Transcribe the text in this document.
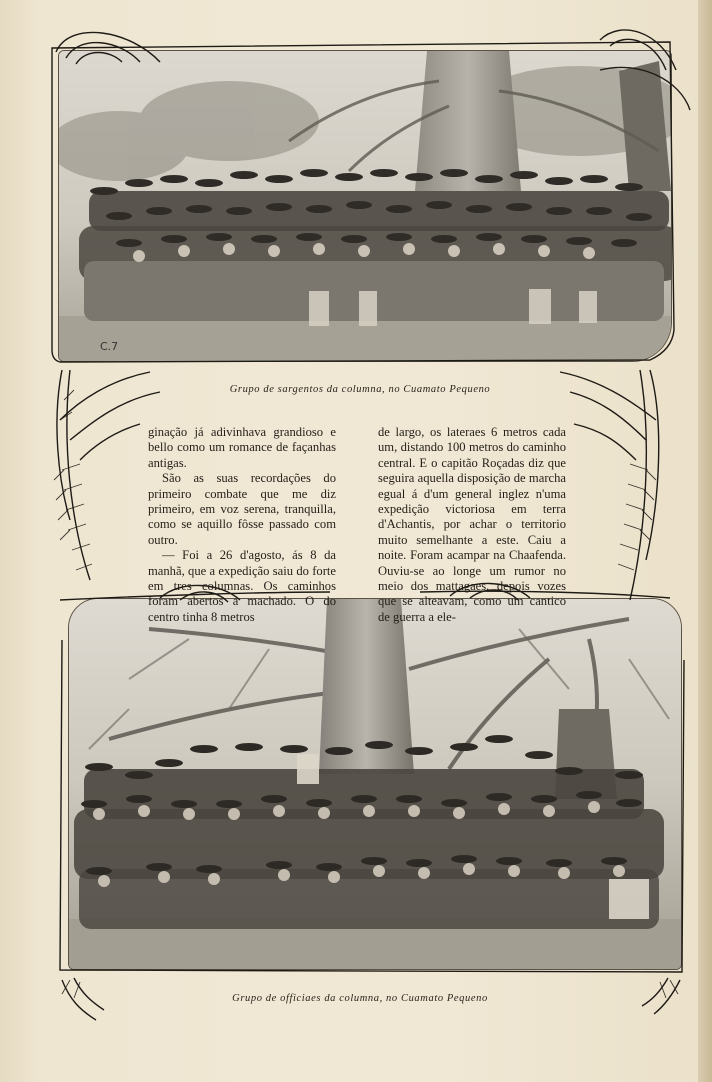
C.7
Grupo de sargentos da columna, no Cuamato Pequeno
Grupo de officiaes da columna, no Cuamato Pequeno

ginação já adivinhava grandioso e bello como um romance de façanhas antigas.

São as suas recordações do primeiro combate que me diz primeiro, em voz serena, tranquilla, como se aquillo fôsse passado com outro.

— Foi a 26 d'agosto, ás 8 da manhã, que a expedição saiu do forte em tres columnas. Os caminhos foram abertos a machado. O do centro tinha 8 metros

de largo, os lateraes 6 metros cada um, distando 100 metros do caminho central. E o capitão Roçadas diz que seguira aquella disposição de marcha egual á d'um general inglez n'uma expedição victoriosa em terra d'Achantis, por achar o territorio muito semelhante a este. Caiu a noite. Foram acampar na Chaafenda. Ouviu-se ao longe um rumor no meio dos mattagaes, depois vozes que se alteavam, como um cantico de guerra a ele-
